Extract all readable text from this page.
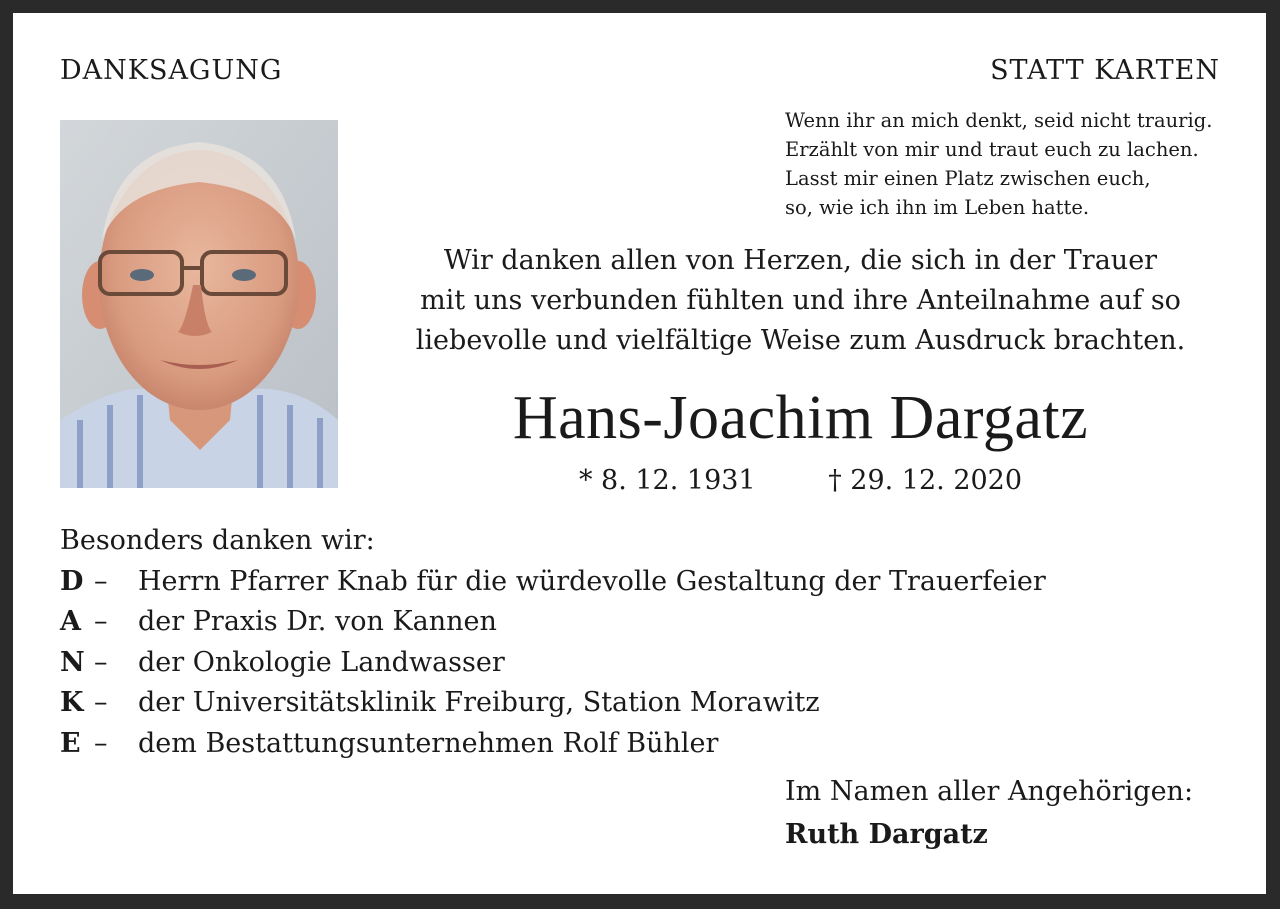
DANKSAGUNG	STATT KARTEN
Wenn ihr an mich denkt, seid nicht traurig.
Erzählt von mir und traut euch zu lachen.
Lasst mir einen Platz zwischen euch,
so, wie ich ihn im Leben hatte.
Wir danken allen von Herzen, die sich in der Trauer
mit uns verbunden fühlten und ihre Anteilnahme auf so
liebevolle und vielfältige Weise zum Ausdruck brachten.
Hans-Joachim Dargatz
* 8. 12. 1931	† 29. 12. 2020
Besonders danken wir:
D –	Herrn Pfarrer Knab für die würdevolle Gestaltung der Trauerfeier
A –	der Praxis Dr. von Kannen
N –	der Onkologie Landwasser
K –	der Universitätsklinik Freiburg, Station Morawitz
E –	dem Bestattungsunternehmen Rolf Bühler
Im Namen aller Angehörigen:
Ruth Dargatz
